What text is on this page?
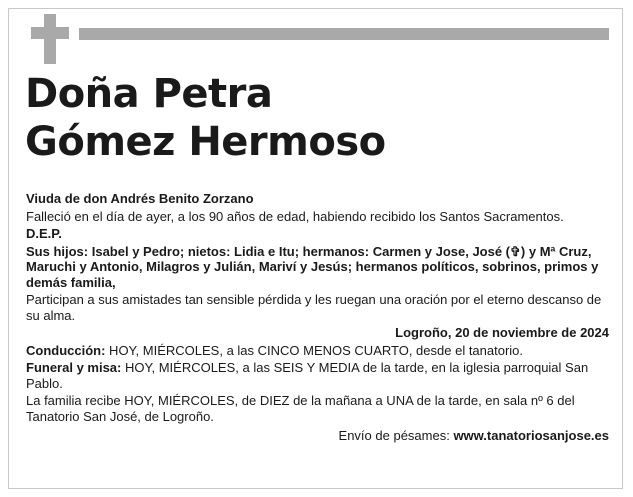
Doña Petra
Gómez Hermoso

Viuda de don Andrés Benito Zorzano

Falleció en el día de ayer, a los 90 años de edad, habiendo recibido los Santos Sacramentos.

D.E.P.

Sus hijos: Isabel y Pedro; nietos: Lidia e Itu; hermanos: Carmen y Jose, José (✞) y Mª Cruz, Maruchi y Antonio, Milagros y Julián, Mariví y Jesús; hermanos políticos, sobrinos, primos y demás familia,

Participan a sus amistades tan sensible pérdida y les ruegan una oración por el eterno descanso de su alma.

Logroño, 20 de noviembre de 2024

Conducción: HOY, MIÉRCOLES, a las CINCO MENOS CUARTO, desde el tanatorio.

Funeral y misa: HOY, MIÉRCOLES, a las SEIS Y MEDIA de la tarde, en la iglesia parroquial San Pablo.

La familia recibe HOY, MIÉRCOLES, de DIEZ de la mañana a UNA de la tarde, en sala nº 6 del Tanatorio San José, de Logroño.

Envío de pésames: www.tanatoriosanjose.es
